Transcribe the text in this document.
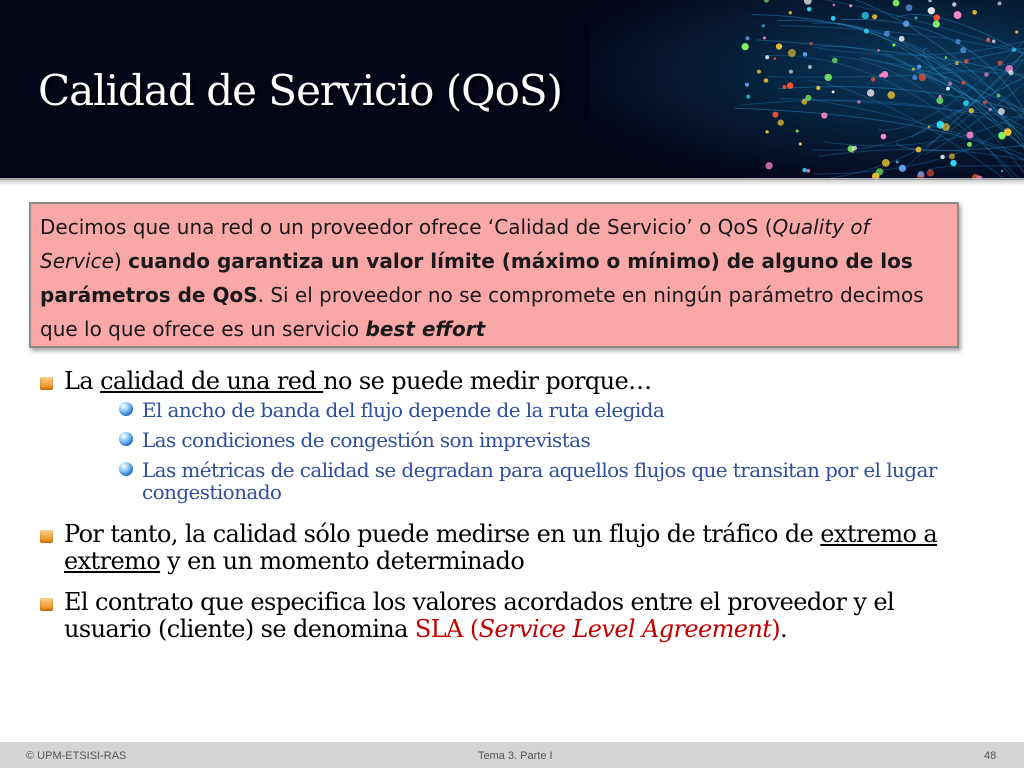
Calidad de Servicio (QoS)
Decimos que una red o un proveedor ofrece ‘Calidad de Servicio’ o QoS (Quality of Service) cuando garantiza un valor límite (máximo o mínimo) de alguno de los parámetros de QoS. Si el proveedor no se compromete en ningún parámetro decimos que lo que ofrece es un servicio best effort
La calidad de una red no se puede medir porque…
El ancho de banda del flujo depende de la ruta elegida
Las condiciones de congestión son imprevistas
Las métricas de calidad se degradan para aquellos flujos que transitan por el lugar congestionado
Por tanto, la calidad sólo puede medirse en un flujo de tráfico de extremo a extremo y en un momento determinado
El contrato que especifica los valores acordados entre el proveedor y el usuario (cliente) se denomina SLA (Service Level Agreement).
© UPM-ETSISI-RAS	Tema 3. Parte I	48
